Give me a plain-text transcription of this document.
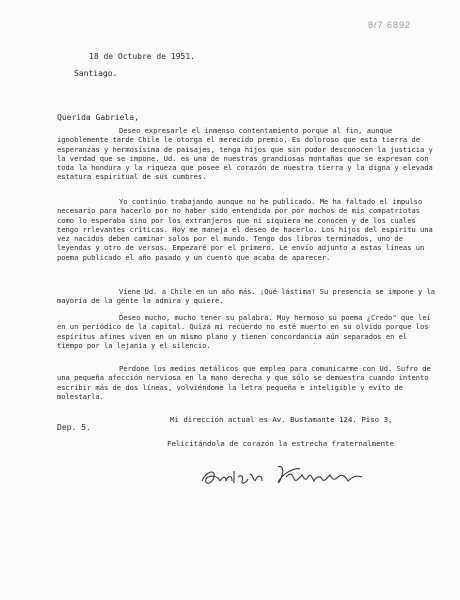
8/7 6892
18 de Octubre de 1951.
Santiago.
Querida Gabriela,
Deseo expresarle el inmenso contentamiento porque al fin, aunque ignoblemente tarde Chile le otorga el merecido premio. Es doloroso que esta tierra de esperanzas y hermosísima de paisajes, tenga hijos que sin pudor desconocen la justicia y la verdad que se impone. Ud. es una de nuestras grandiosas montañas que se expresan con toda la hondura y la riqueza que posee el corazón de nuestra tierra y la digna y elevada estatura espiritual de sus cumbres.
Yo continúo trabajando aunque no he publicado. Me ha faltado el impulso necesario para hacerlo por no haber sido entendida por por muchos de mis compatriotas como lo esperaba sino por los extranjeros que ni siquiera me conocen y de los cuales tengo rrlevantes críticas. Hoy me maneja el deseo de hacerlo. Los hijos del espíritu una vez nacidos deben caminar solos por el mundo. Tengo dos libros terminados, uno de leyendas y otro de versos. Empezaré por el primero. Le envío adjunto a estas líneas un poema publicado el año pasado y un cuento que acaba de aparecer.
Viene Ud. a Chile en un año más. ¡Qué lástima! Su presencia se impone y la mayoría de la gente la admira y quiere.
Deseo mucho, mucho tener su palabra. Muy hermoso su poema ¿Credo" que leí en un periódico de la capital. Quizá mi recuerdo no esté muerto en su olvido porque los espíritus afines viven en un mismo plano y tienen concordancia aún separados en el tiempo por la lejanía y el silencio.
Perdone los medios metálicos que empleo para comunicarme con Ud. Sufro de una pequeña afección nerviosa en la mano derecha y que sólo se demuestra cuando intento escribir más de dos líneas, volviéndome la letra pequeña e inteligible y evito de molestarla.
Mi dirección actual es Av. Bustamante 124. Piso 3,
Dep. 5.
Felicitándola de corazón la estrecha fraternalmente
